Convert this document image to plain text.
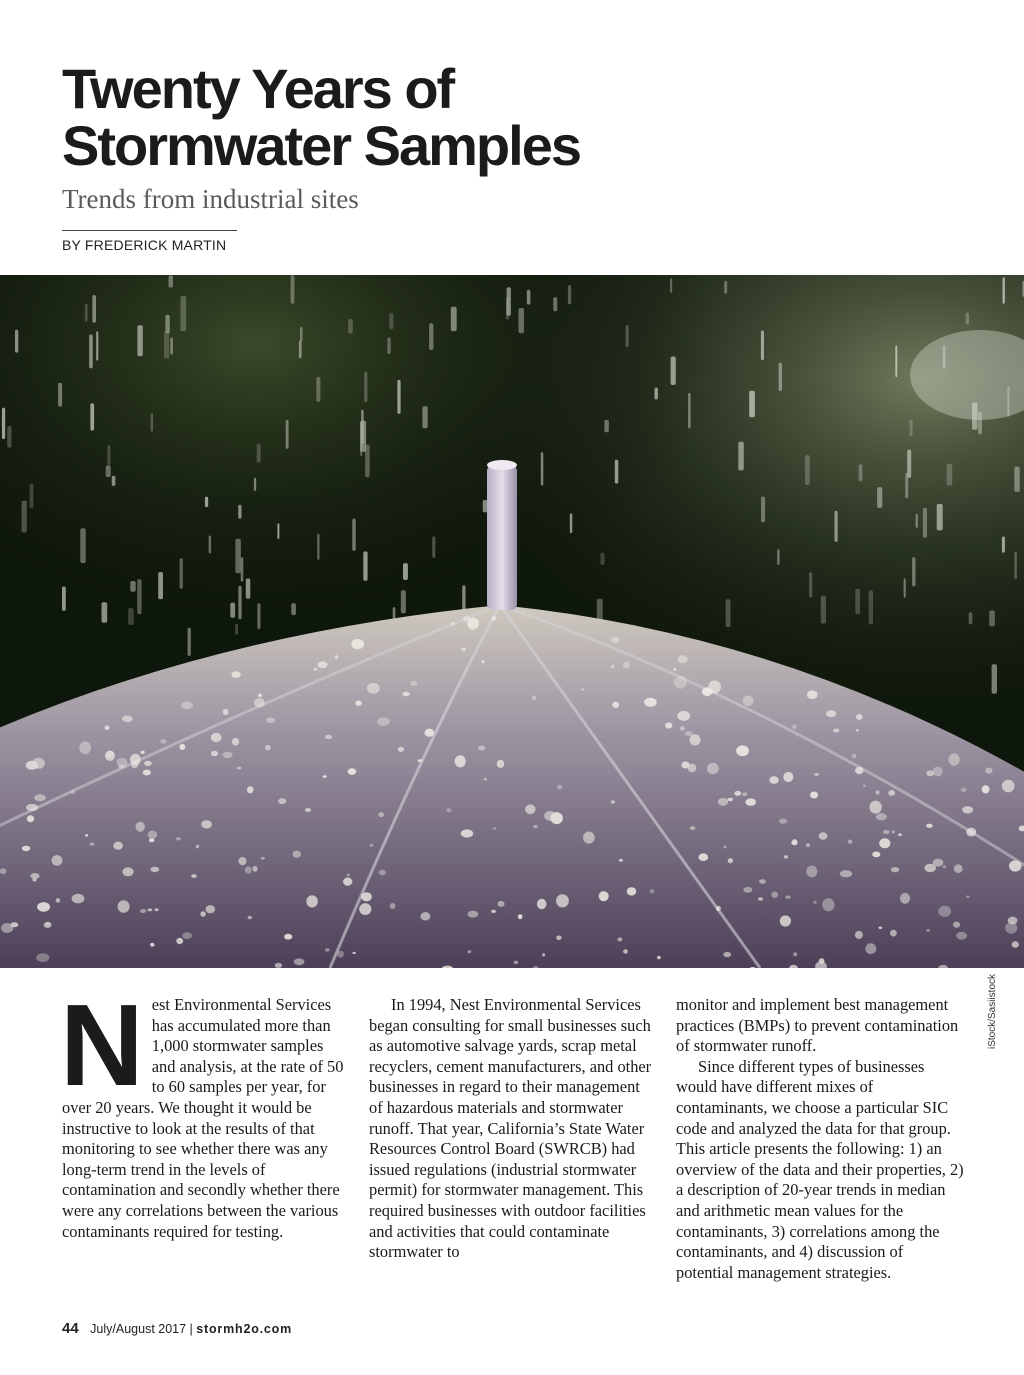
Twenty Years of
Stormwater Samples
Trends from industrial sites
BY FREDERICK MARTIN
iStock/Sasiistock
N est Environmental Services has accumulated more than 1,000 stormwater samples and analysis, at the rate of 50 to 60 samples per year, for over 20 years. We thought it would be instructive to look at the results of that monitoring to see whether there was any long-term trend in the levels of contamination and secondly whether there were any correlations between the various contaminants required for testing.

In 1994, Nest Environmental Services began consulting for small businesses such as automotive salvage yards, scrap metal recyclers, cement manufacturers, and other businesses in regard to their management of hazardous materials and stormwater runoff. That year, California’s State Water Resources Control Board (SWRCB) had issued regulations (industrial stormwater permit) for stormwater management. This required businesses with outdoor facilities and activities that could contaminate stormwater to

monitor and implement best management practices (BMPs) to prevent contamination of stormwater runoff.

Since different types of businesses would have different mixes of contaminants, we choose a particular SIC code and analyzed the data for that group. This article presents the following: 1) an overview of the data and their properties, 2) a description of 20-year trends in median and arithmetic mean values for the contaminants, 3) correlations among the contaminants, and 4) discussion of potential management strategies.

44 July/August 2017 | stormh2o.com
